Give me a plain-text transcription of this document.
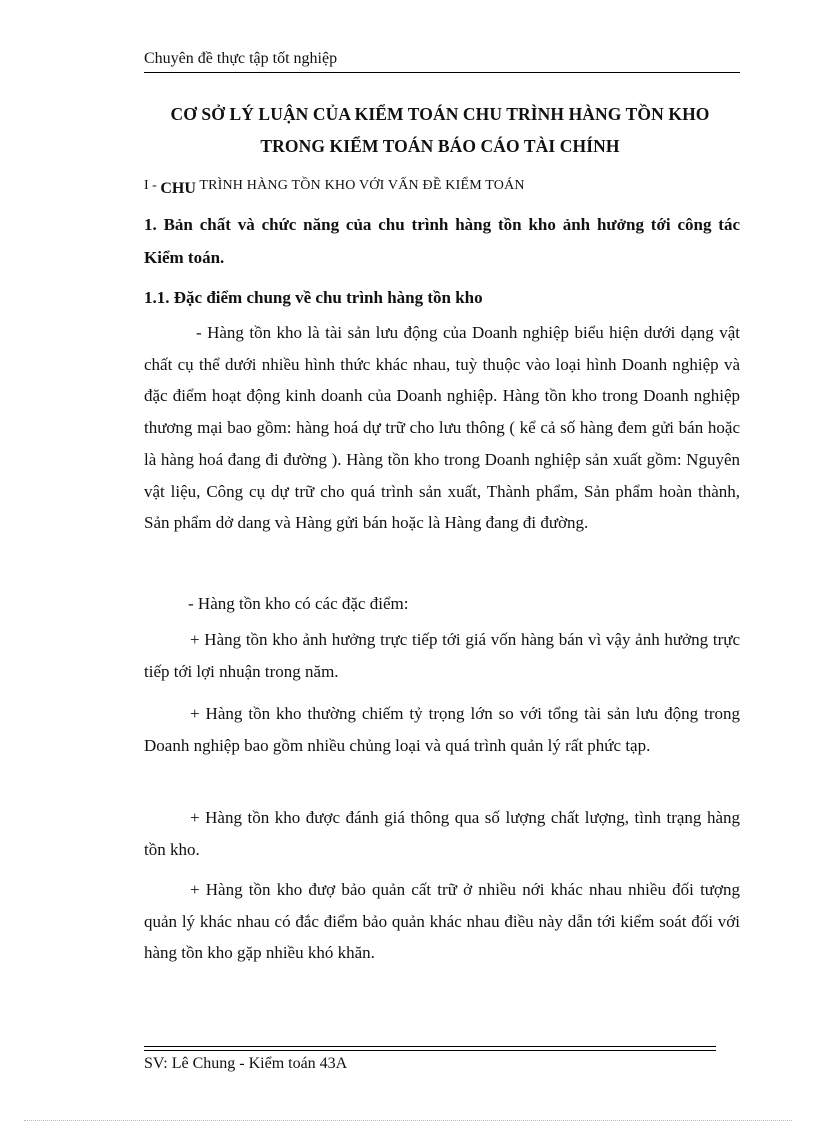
Chuyên đề thực tập tốt nghiệp
CƠ SỞ LÝ LUẬN CỦA KIỂM TOÁN CHU TRÌNH HÀNG TỒN KHO
TRONG KIỂM TOÁN BÁO CÁO TÀI CHÍNH
I - CHU TRÌNH HÀNG TỒN KHO VỚI VẤN ĐỀ KIỂM TOÁN
1. Bản chất và chức năng của chu trình hàng tồn kho ảnh hưởng tới công tác Kiểm toán.
1.1. Đặc điểm chung về chu trình hàng tồn kho
- Hàng tồn kho là tài sản lưu động của Doanh nghiệp biểu hiện dưới dạng vật chất cụ thể dưới nhiều hình thức khác nhau, tuỳ thuộc vào loại hình Doanh nghiệp và đặc điểm hoạt động kinh doanh của Doanh nghiệp. Hàng tồn kho trong Doanh nghiệp thương mại bao gồm: hàng hoá dự trữ cho lưu thông ( kể cả số hàng đem gửi bán hoặc là hàng hoá đang đi đường ). Hàng tồn kho trong Doanh nghiệp sản xuất gồm: Nguyên vật liệu, Công cụ dự trữ cho quá trình sản xuất, Thành phẩm, Sản phẩm hoàn thành, Sản phẩm dở dang và Hàng gửi bán hoặc là Hàng đang đi đường.
- Hàng tồn kho có các đặc điểm:
+ Hàng tồn kho ảnh hưởng trực tiếp tới giá vốn hàng bán vì vậy ảnh hưởng trực tiếp tới lợi nhuận trong năm.
+ Hàng tồn kho thường chiếm tỷ trọng lớn so với tổng tài sản lưu động trong Doanh nghiệp bao gồm nhiều chủng loại và quá trình quản lý rất phức tạp.
+ Hàng tồn kho được đánh giá thông qua số lượng chất lượng, tình trạng hàng tồn kho.
+ Hàng tồn kho đượ bảo quản cất trữ ở nhiều nới khác nhau nhiều đối tượng quản lý khác nhau có đắc điểm bảo quản khác nhau điều này dẫn tới kiểm soát đối với hàng tồn kho gặp nhiều khó khăn.
SV: Lê Chung - Kiểm toán 43A
